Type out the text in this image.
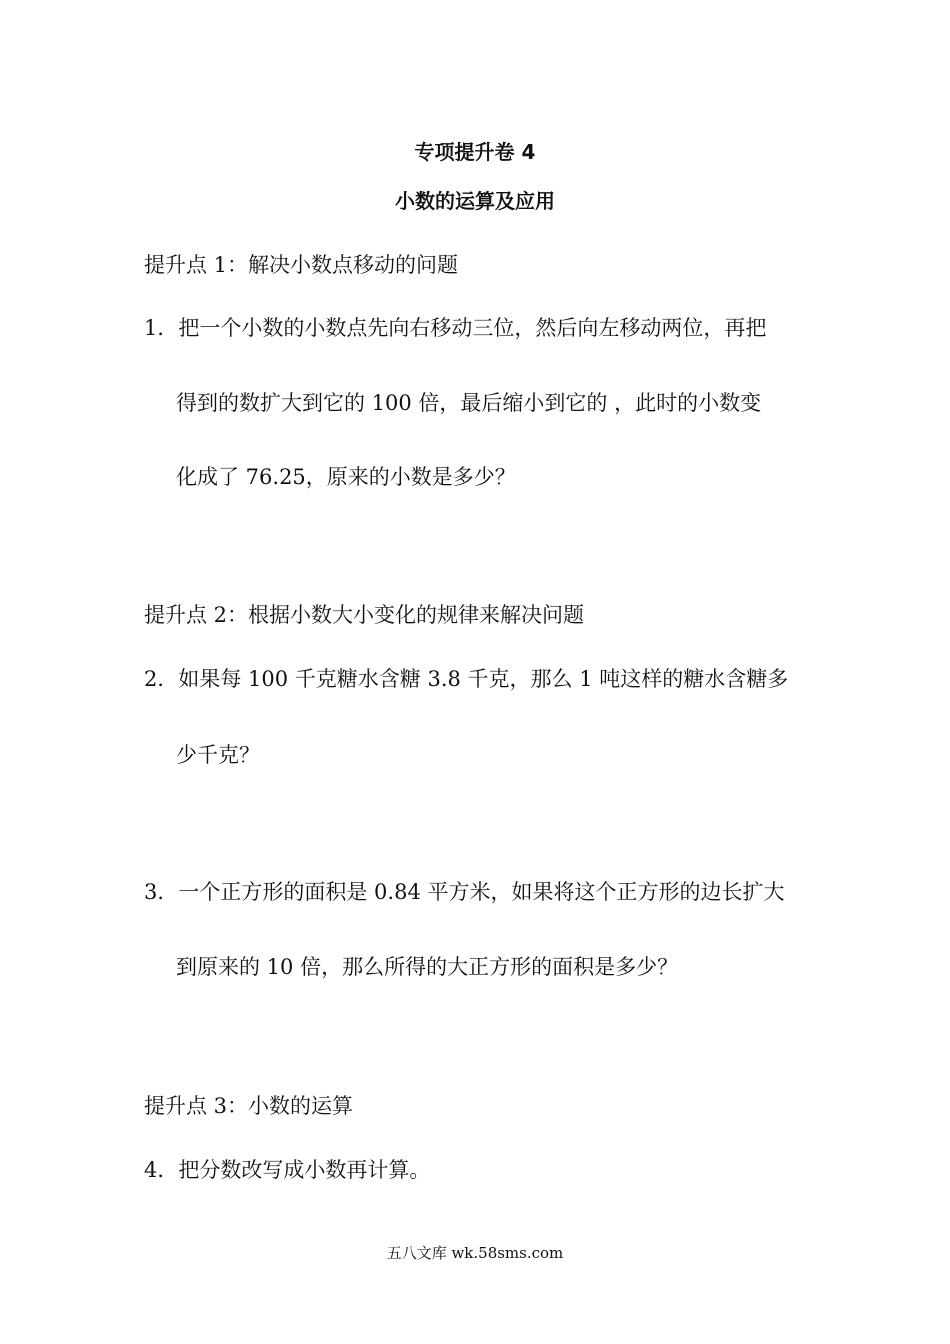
专项提升卷 4
小数的运算及应用
提升点 1：解决小数点移动的问题
1．把一个小数的小数点先向右移动三位，然后向左移动两位，再把
得到的数扩大到它的 100 倍，最后缩小到它的 ，此时的小数变
化成了 76.25，原来的小数是多少？
提升点 2：根据小数大小变化的规律来解决问题
2．如果每 100 千克糖水含糖 3.8 千克，那么 1 吨这样的糖水含糖多
少千克？
3．一个正方形的面积是 0.84 平方米，如果将这个正方形的边长扩大
到原来的 10 倍，那么所得的大正方形的面积是多少？
提升点 3：小数的运算
4．把分数改写成小数再计算。
五八文库 wk.58sms.com
